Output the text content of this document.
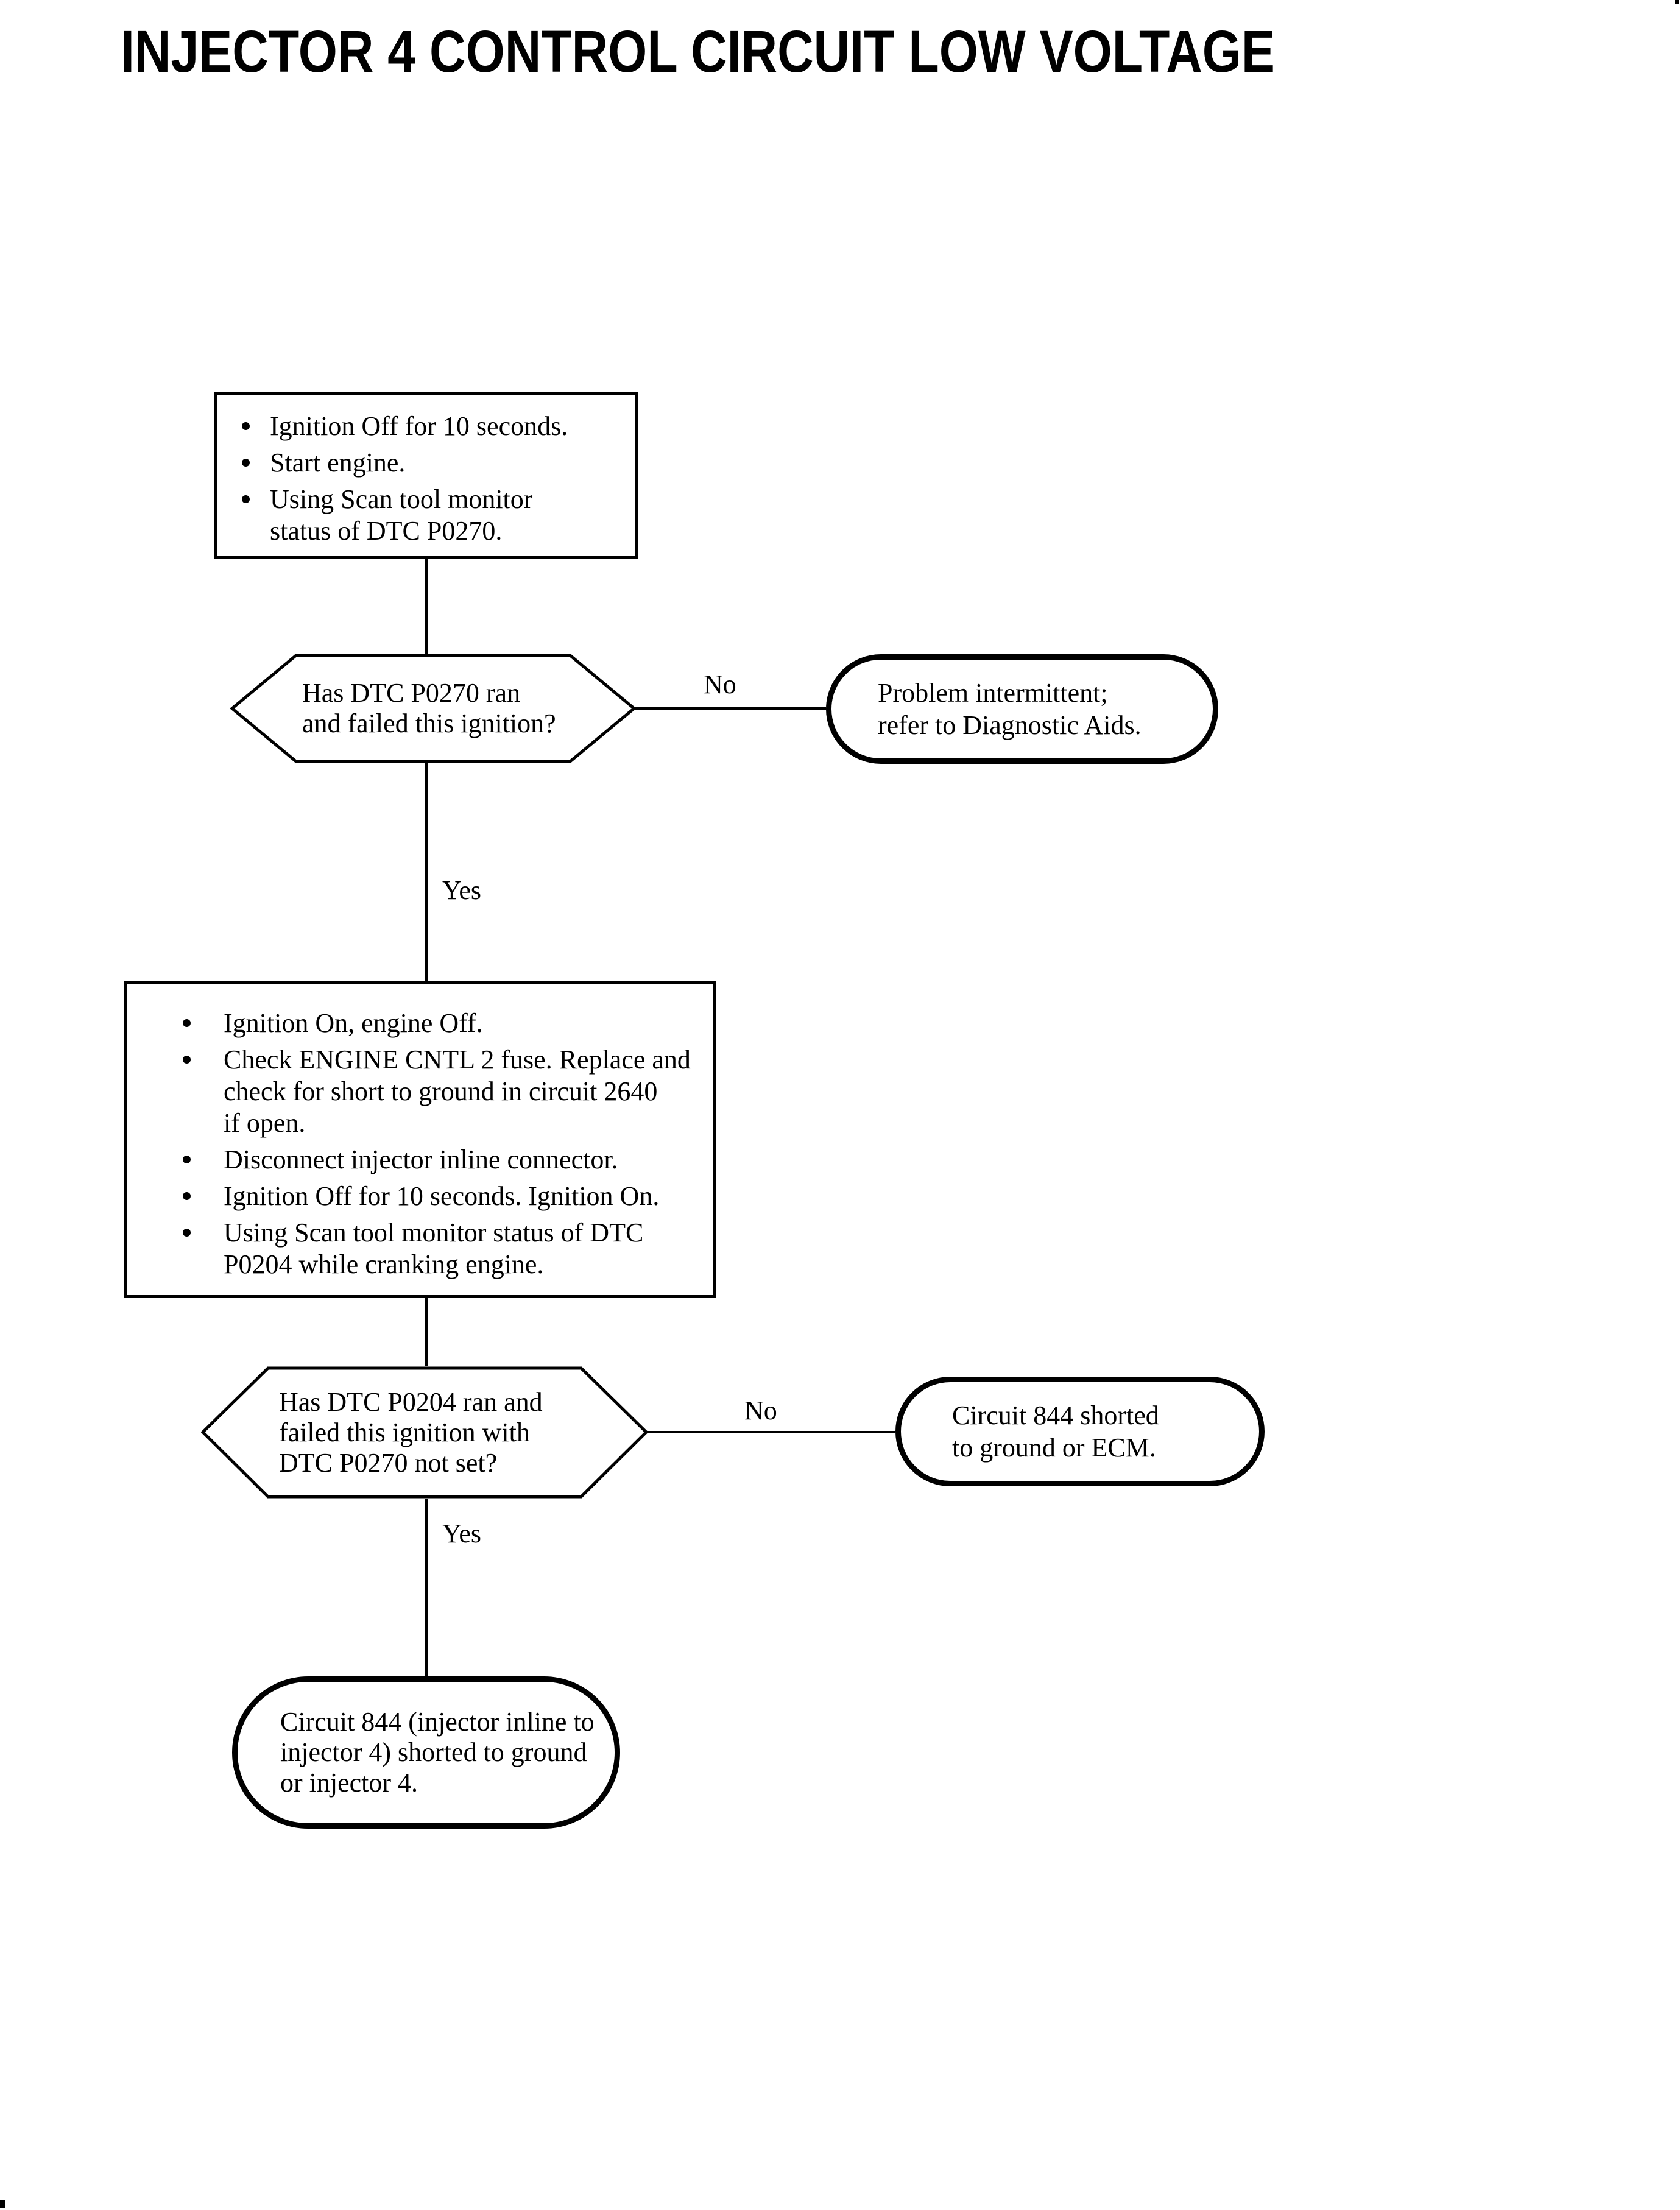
INJECTOR 4 CONTROL CIRCUIT LOW VOLTAGE
Ignition Off for 10 seconds.
Start engine.
Using Scan tool monitor
status of DTC P0270.
Has DTC P0270 ran
and failed this ignition?
No	Problem intermittent;
refer to Diagnostic Aids.
Yes
Ignition On, engine Off.
Check ENGINE CNTL 2 fuse. Replace and
check for short to ground in circuit 2640
if open.
Disconnect injector inline connector.
Ignition Off for 10 seconds. Ignition On.
Using Scan tool monitor status of DTC
P0204 while cranking engine.
Has DTC P0204 ran and
failed this ignition with
DTC P0270 not set?
No	Circuit 844 shorted
to ground or ECM.
Yes
Circuit 844 (injector inline to
injector 4) shorted to ground
or injector 4.
